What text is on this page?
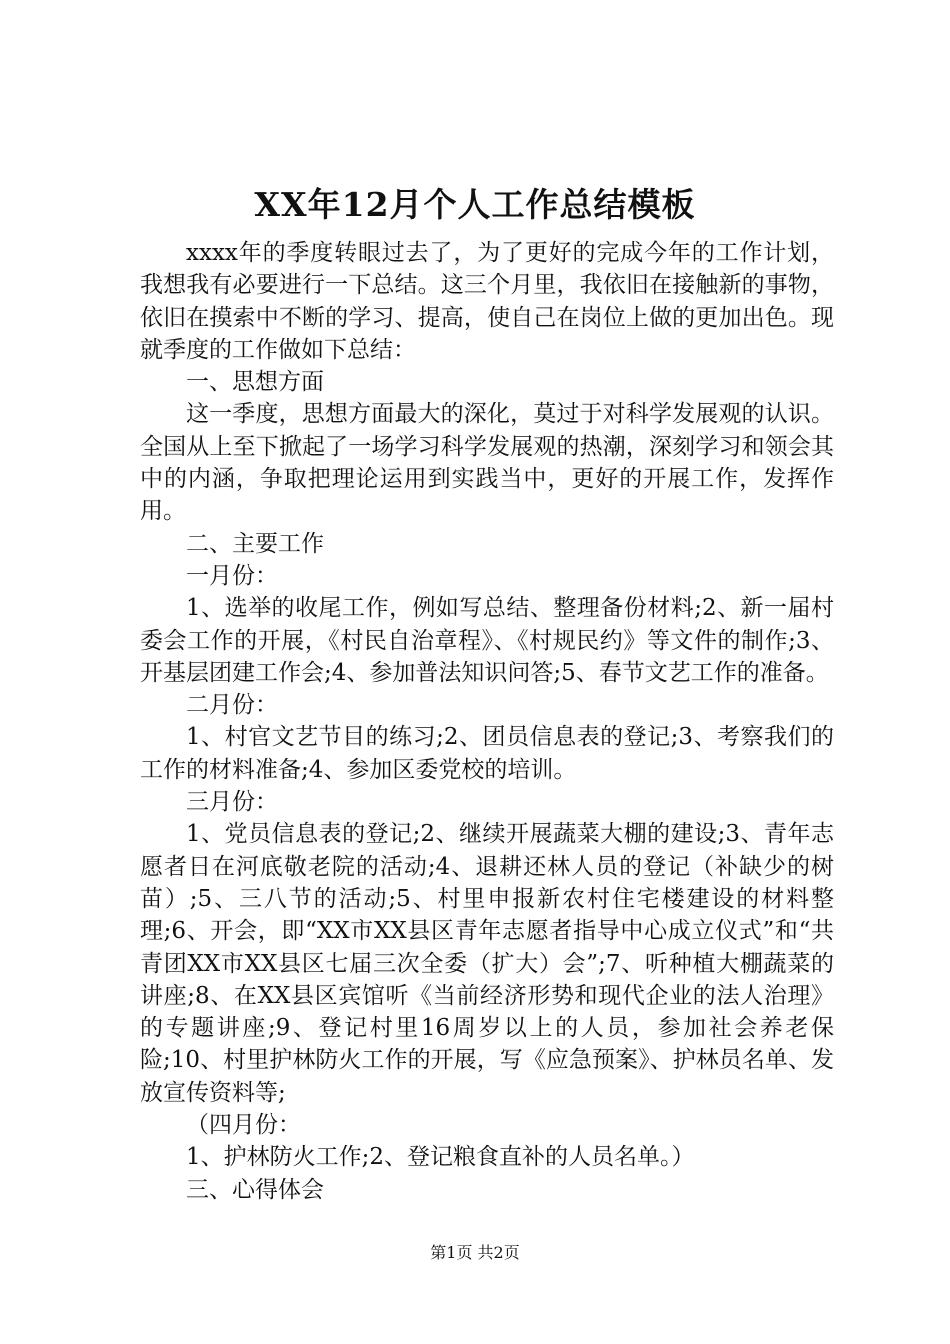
XX年12月个人工作总结模板

xxxx年的季度转眼过去了，为了更好的完成今年的工作计划，我想我有必要进行一下总结。这三个月里，我依旧在接触新的事物，依旧在摸索中不断的学习、提高，使自己在岗位上做的更加出色。现就季度的工作做如下总结：

一、思想方面

这一季度，思想方面最大的深化，莫过于对科学发展观的认识。全国从上至下掀起了一场学习科学发展观的热潮，深刻学习和领会其中的内涵，争取把理论运用到实践当中，更好的开展工作，发挥作用。

二、主要工作

一月份：

1、选举的收尾工作，例如写总结、整理备份材料;2、新一届村委会工作的开展，《村民自治章程》、《村规民约》等文件的制作;3、开基层团建工作会;4、参加普法知识问答;5、春节文艺工作的准备。

二月份：

1、村官文艺节目的练习;2、团员信息表的登记;3、考察我们的工作的材料准备;4、参加区委党校的培训。

三月份：

1、党员信息表的登记;2、继续开展蔬菜大棚的建设;3、青年志愿者日在河底敬老院的活动;4、退耕还林人员的登记（补缺少的树苗）;5、三八节的活动;5、村里申报新农村住宅楼建设的材料整理;6、开会，即“XX市XX县区青年志愿者指导中心成立仪式”和“共青团XX市XX县区七届三次全委（扩大）会”;7、听种植大棚蔬菜的讲座;8、在XX县区宾馆听《当前经济形势和现代企业的法人治理》的专题讲座;9、登记村里16周岁以上的人员，参加社会养老保险;10、村里护林防火工作的开展，写《应急预案》、护林员名单、发放宣传资料等;

（四月份：

1、护林防火工作;2、登记粮食直补的人员名单。）

三、心得体会

第1页 共2页
